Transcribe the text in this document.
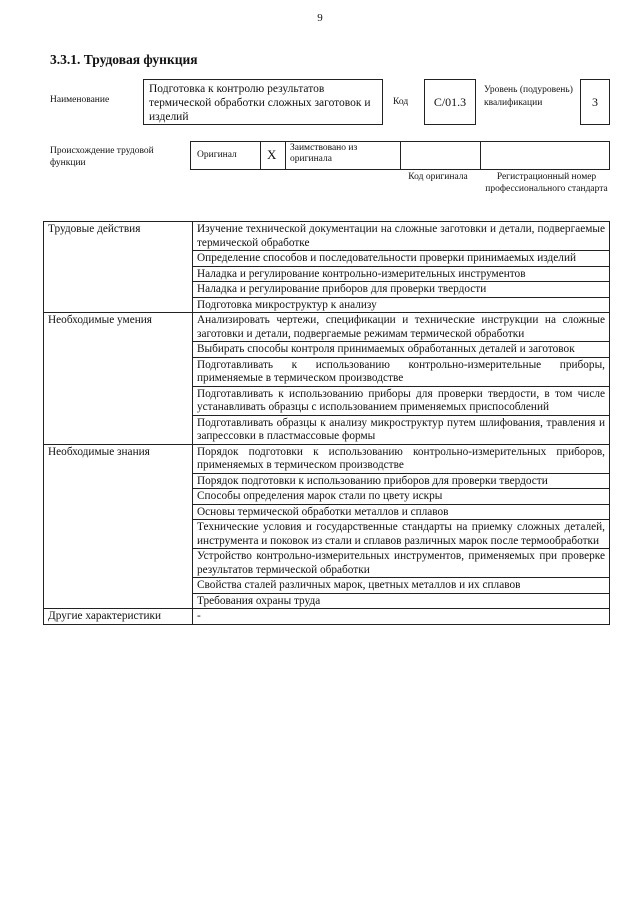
9
3.3.1. Трудовая функция
Наименование
Подготовка к контролю результатов термической обработки сложных заготовок и изделий
Код	С/01.3
Уровень (подуровень) квалификации	3
Происхождение трудовой функции
Оригинал X Заимствовано из оригинала
Код оригинала	Регистрационный номер профессионального стандарта
Трудовые действия	Изучение технической документации на сложные заготовки и детали, подвергаемые термической обработке
	Определение способов и последовательности проверки принимаемых изделий
	Наладка и регулирование контрольно-измерительных инструментов
	Наладка и регулирование приборов для проверки твердости
	Подготовка микроструктур к анализу
Необходимые умения	Анализировать чертежи, спецификации и технические инструкции на сложные заготовки и детали, подвергаемые режимам термической обработки
	Выбирать способы контроля принимаемых обработанных деталей и заготовок
	Подготавливать к использованию контрольно-измерительные приборы, применяемые в термическом производстве
	Подготавливать к использованию приборы для проверки твердости, в том числе устанавливать образцы с использованием применяемых приспособлений
	Подготавливать образцы к анализу микроструктур путем шлифования, травления и запрессовки в пластмассовые формы
Необходимые знания	Порядок подготовки к использованию контрольно-измерительных приборов, применяемых в термическом производстве
	Порядок подготовки к использованию приборов для проверки твердости
	Способы определения марок стали по цвету искры
	Основы термической обработки металлов и сплавов
	Технические условия и государственные стандарты на приемку сложных деталей, инструмента и поковок из стали и сплавов различных марок после термообработки
	Устройство контрольно-измерительных инструментов, применяемых при проверке результатов термической обработки
	Свойства сталей различных марок, цветных металлов и их сплавов
	Требования охраны труда
Другие характеристики	-
